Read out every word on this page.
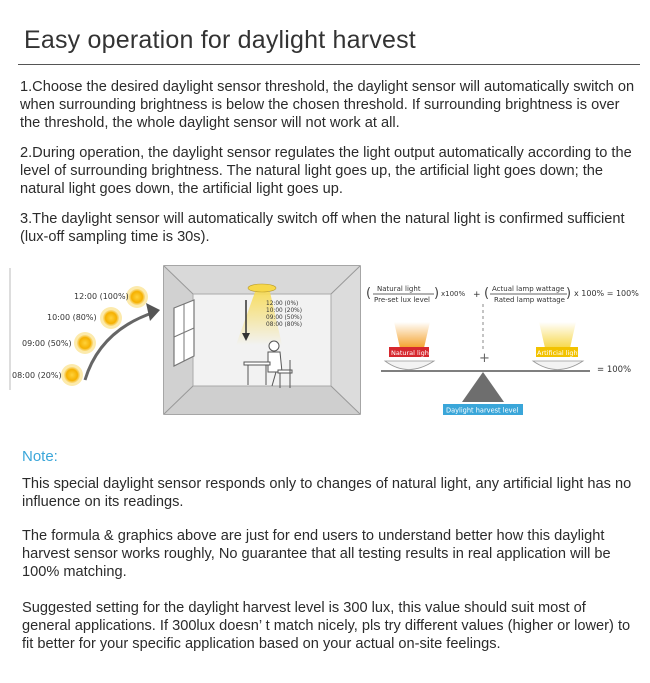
Easy operation for daylight harvest
1.Choose the desired daylight sensor threshold, the daylight sensor will automatically switch on when surrounding brightness is below the chosen threshold. If surrounding brightness is over the threshold, the whole daylight sensor will not work at all.
2.During operation, the daylight sensor regulates the light output automatically according to the level of surrounding brightness. The natural light goes up, the artificial light goes down; the natural light goes down, the artificial light goes up.
3.The daylight sensor will automatically switch off when the natural light is confirmed sufficient (lux-off sampling time is 30s).
12:00 (100%)
10:00 (80%)
09:00 (50%)
08:00 (20%)
12:00 (0%)
10:00 (20%)
09:00 (50%)
08:00 (80%)
( Natural light
Pre-set lux level ) x100% + ( Actual lamp wattage
Rated lamp wattage ) x 100% = 100%
+
Natural light	Artificial light
= 100%
Daylight harvest level
Note:
This special daylight sensor responds only to changes of natural light, any artificial light has no influence on its readings.
The formula & graphics above are just for end users to understand better how this daylight harvest sensor works roughly, No guarantee that all testing results in real application will be 100% matching.
Suggested setting for the daylight harvest level is 300 lux, this value should suit most of general applications. If 300lux doesn’ t match nicely, pls try different values (higher or lower) to fit better for your specific application based on your actual on-site feelings.
